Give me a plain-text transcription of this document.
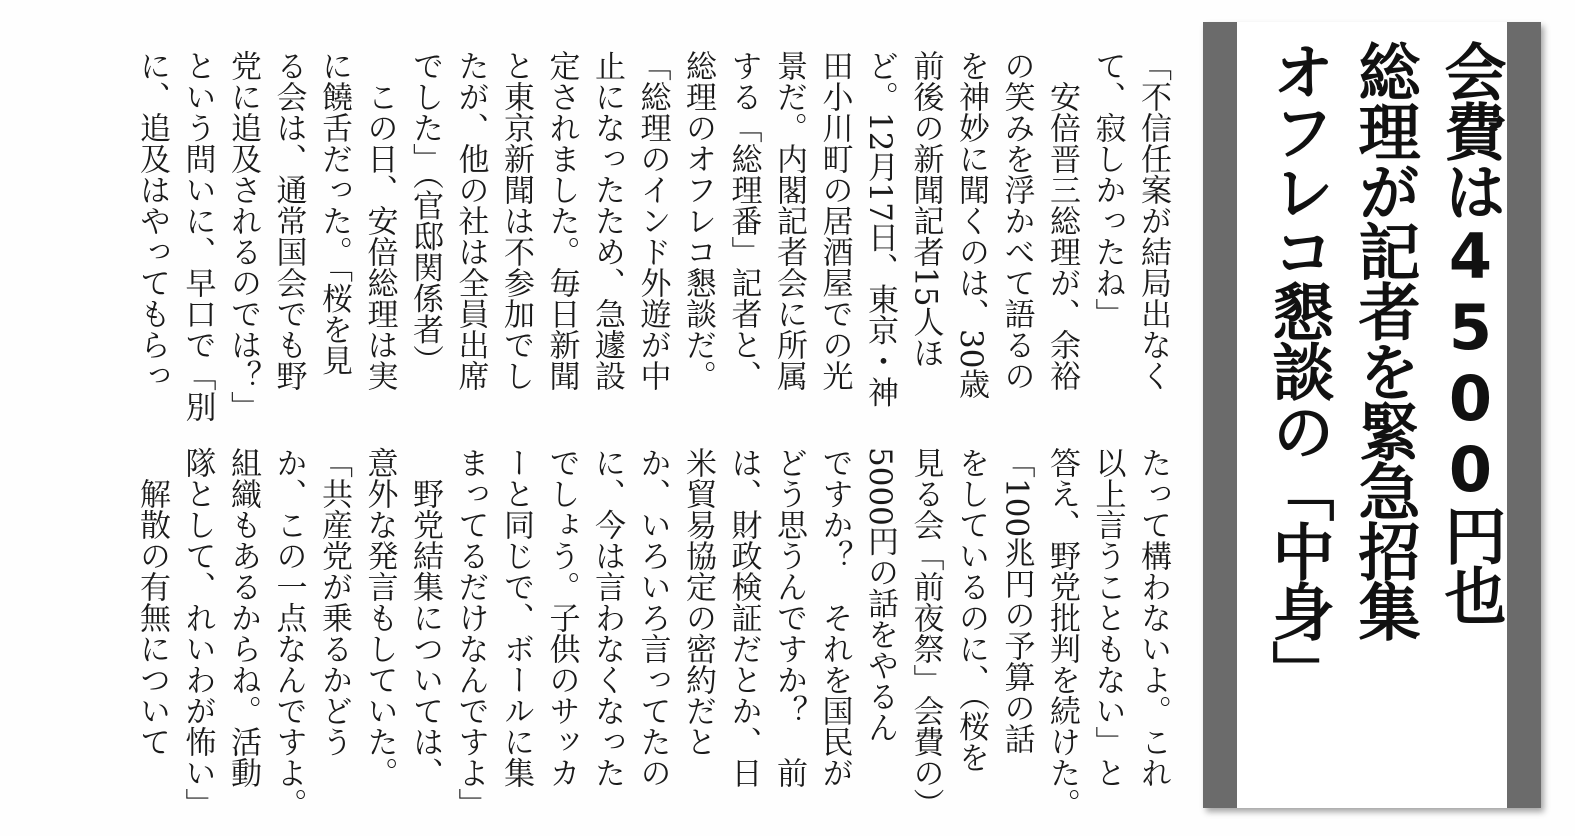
会費は4500円也
総理が記者を緊急招集
オフレコ懇談の「中身」
「不信任案が結局出なく
て、寂しかったね」
　安倍晋三総理が、余裕
の笑みを浮かべて語るの
を神妙に聞くのは、30歳
前後の新聞記者15人ほ
ど。12月17日、東京・神
田小川町の居酒屋での光
景だ。内閣記者会に所属
する「総理番」記者と、
総理のオフレコ懇談だ。
「総理のインド外遊が中
止になったため、急遽設
定されました。毎日新聞
と東京新聞は不参加でし
たが、他の社は全員出席
でした」（官邸関係者）
　この日、安倍総理は実
に饒舌だった。「桜を見
る会は、通常国会でも野
党に追及されるのでは？」
という問いに、早口で「別
に、追及はやってもらっ
たって構わないよ。これ
以上言うこともない」と
答え、野党批判を続けた。
「100兆円の予算の話
をしているのに、（桜を
見る会「前夜祭」会費の）
5000円の話をやるん
ですか？　それを国民が
どう思うんですか？　前
は、財政検証だとか、日
米貿易協定の密約だと
か、いろいろ言ってたの
に、今は言わなくなった
でしょう。子供のサッカ
ーと同じで、ボールに集
まってるだけなんですよ」
　野党結集については、
意外な発言もしていた。
「共産党が乗るかどう
か、この一点なんですよ。
組織もあるからね。活動
隊として、れいわが怖い」
　解散の有無について
